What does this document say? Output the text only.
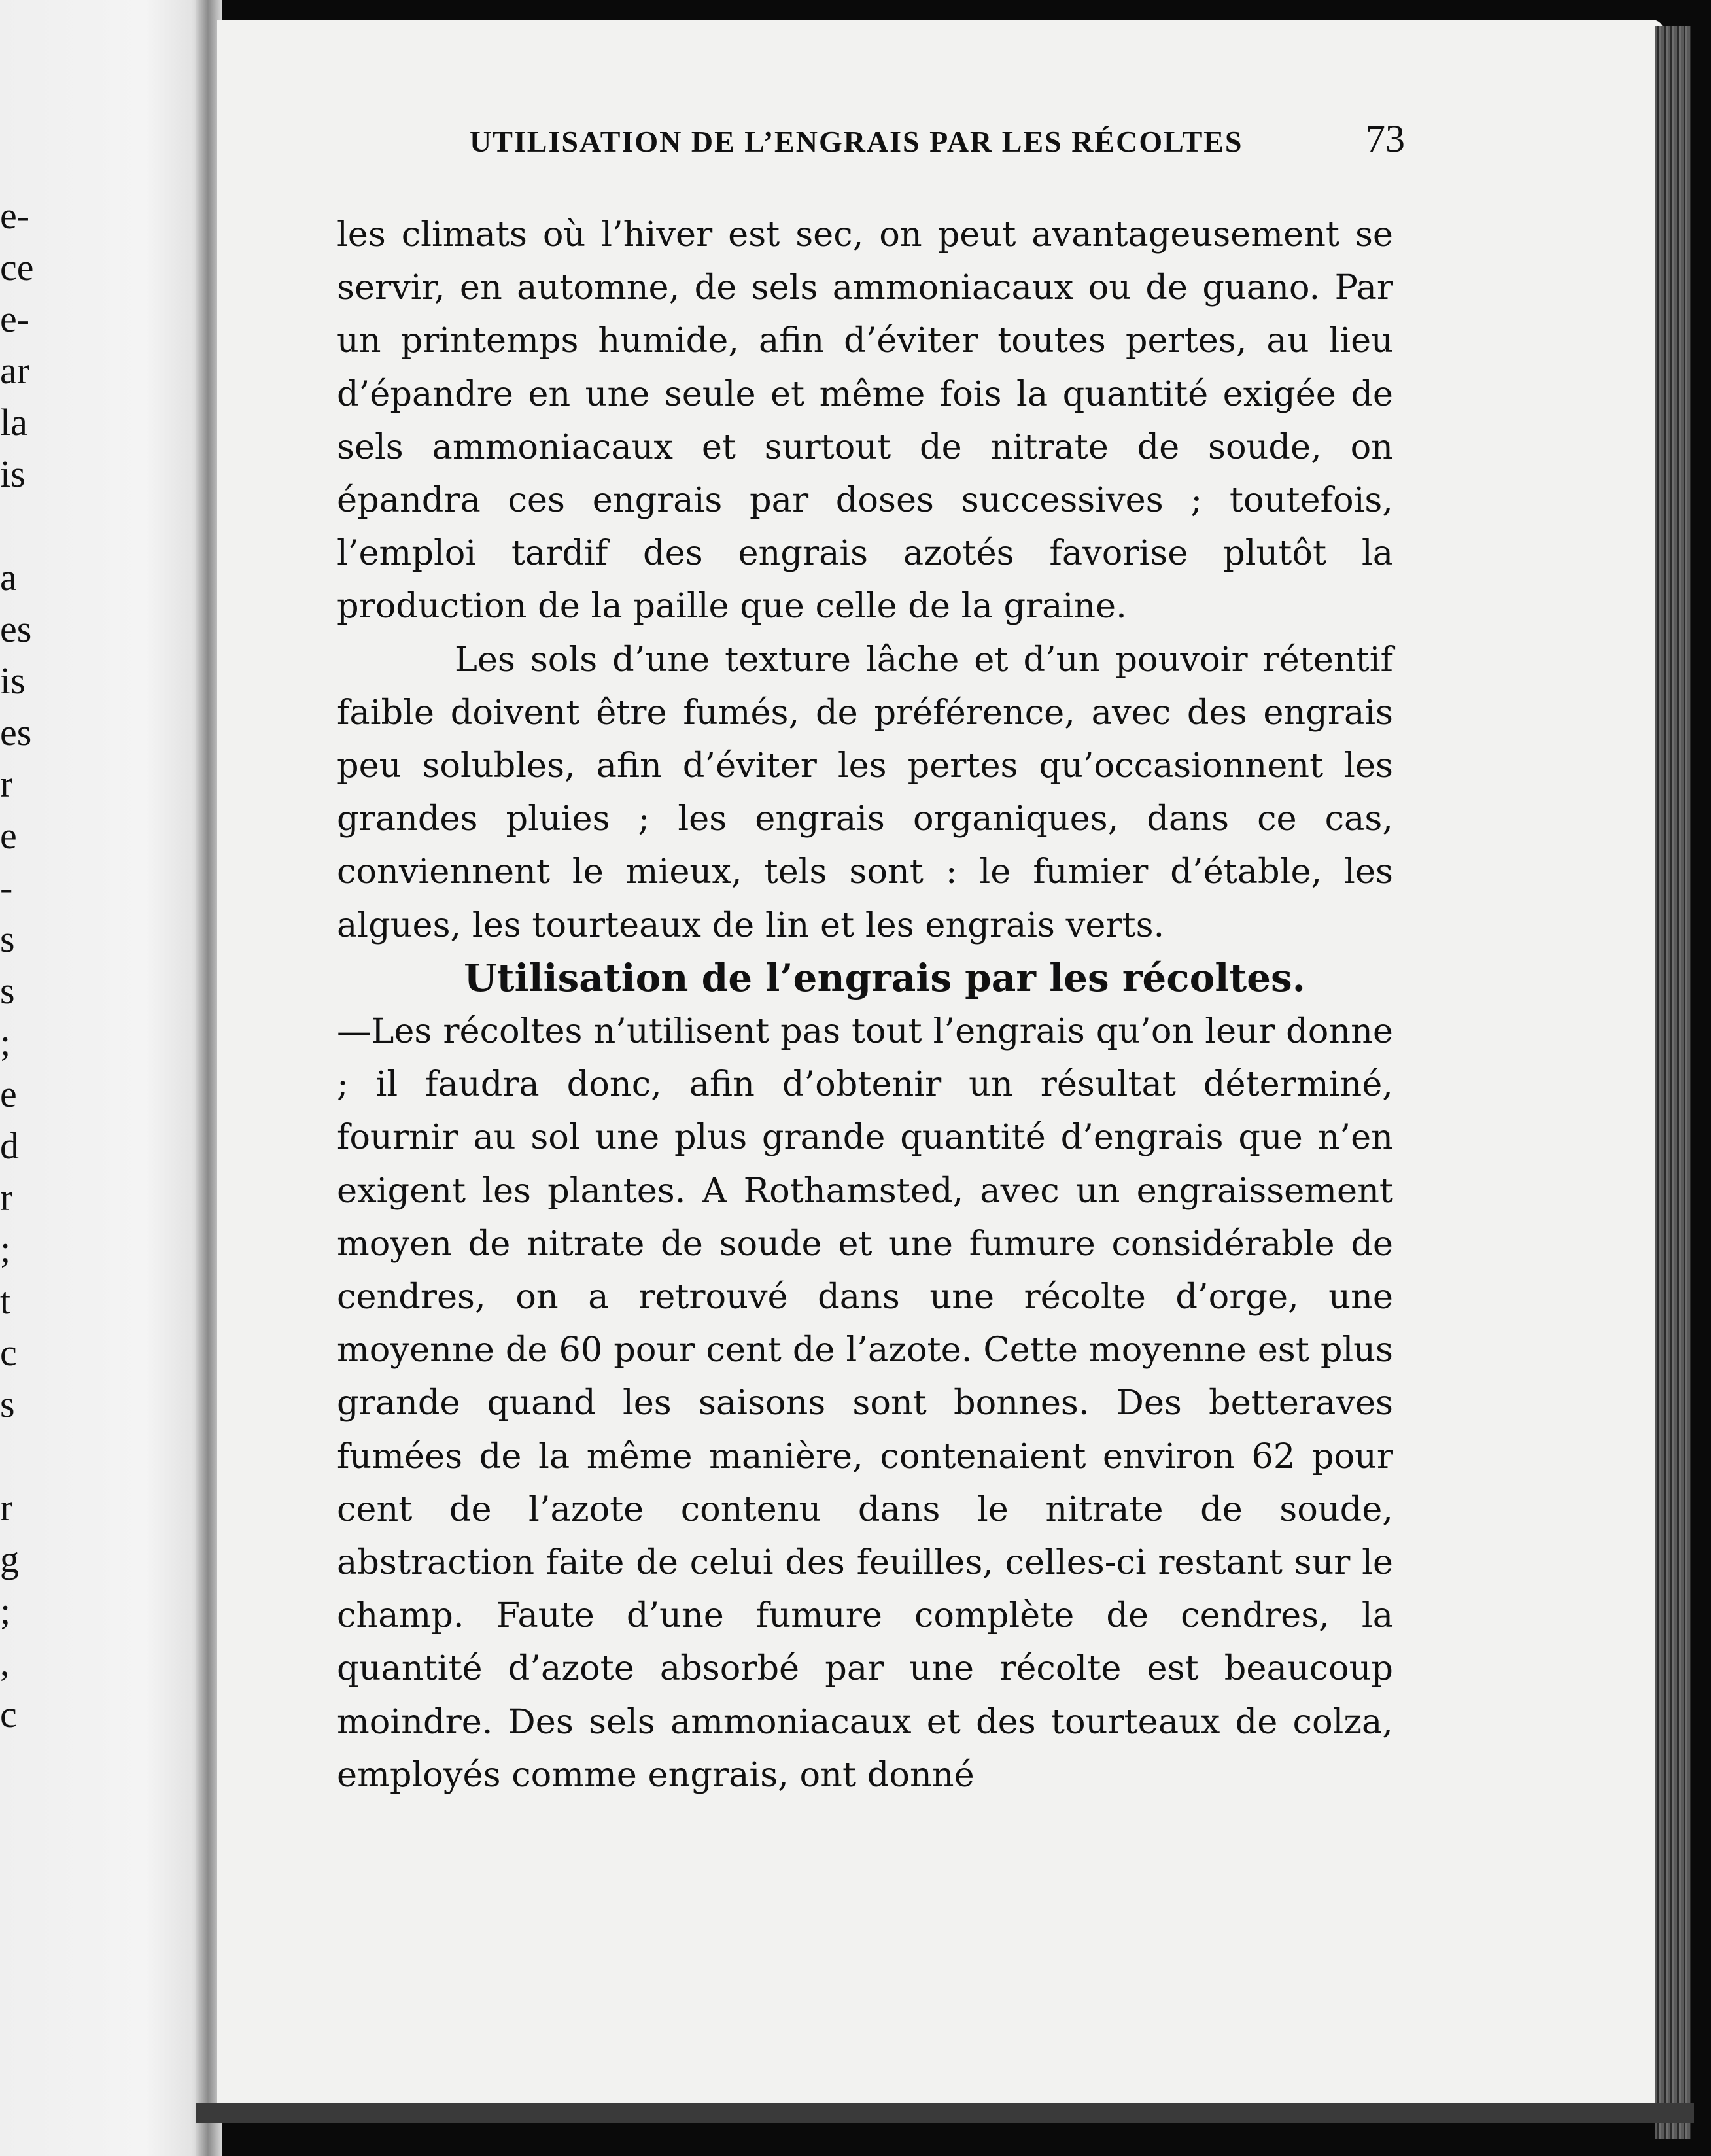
e-
ce
e-
ar
la
is

a
es
is
es
r
e
-
s
s
;
e
d
r
;
t
c
s

r
g
;
,
c
UTILISATION DE L’ENGRAIS PAR LES RÉCOLTES	73

les climats où l’hiver est sec, on peut avantageusement se servir, en automne, de sels ammoniacaux ou de guano. Par un printemps humide, afin d’éviter toutes pertes, au lieu d’épandre en une seule et même fois la quantité exigée de sels ammoniacaux et surtout de nitrate de soude, on épandra ces engrais par doses successives ; toutefois, l’emploi tardif des engrais azotés favorise plutôt la production de la paille que celle de la graine.

Les sols d’une texture lâche et d’un pouvoir rétentif faible doivent être fumés, de préférence, avec des engrais peu solubles, afin d’éviter les pertes qu’occasionnent les grandes pluies ; les engrais organiques, dans ce cas, conviennent le mieux, tels sont : le fumier d’étable, les algues, les tourteaux de lin et les engrais verts.

Utilisation de l’engrais par les récoltes.

—Les récoltes n’utilisent pas tout l’engrais qu’on leur donne ; il faudra donc, afin d’obtenir un résultat déterminé, fournir au sol une plus grande quantité d’engrais que n’en exigent les plantes. A Rothamsted, avec un engraissement moyen de nitrate de soude et une fumure considérable de cendres, on a retrouvé dans une récolte d’orge, une moyenne de 60 pour cent de l’azote. Cette moyenne est plus grande quand les saisons sont bonnes. Des betteraves fumées de la même manière, contenaient environ 62 pour cent de l’azote contenu dans le nitrate de soude, abstraction faite de celui des feuilles, celles-ci restant sur le champ. Faute d’une fumure complète de cendres, la quantité d’azote absorbé par une récolte est beaucoup moindre. Des sels ammoniacaux et des tourteaux de colza, employés comme engrais, ont donné
